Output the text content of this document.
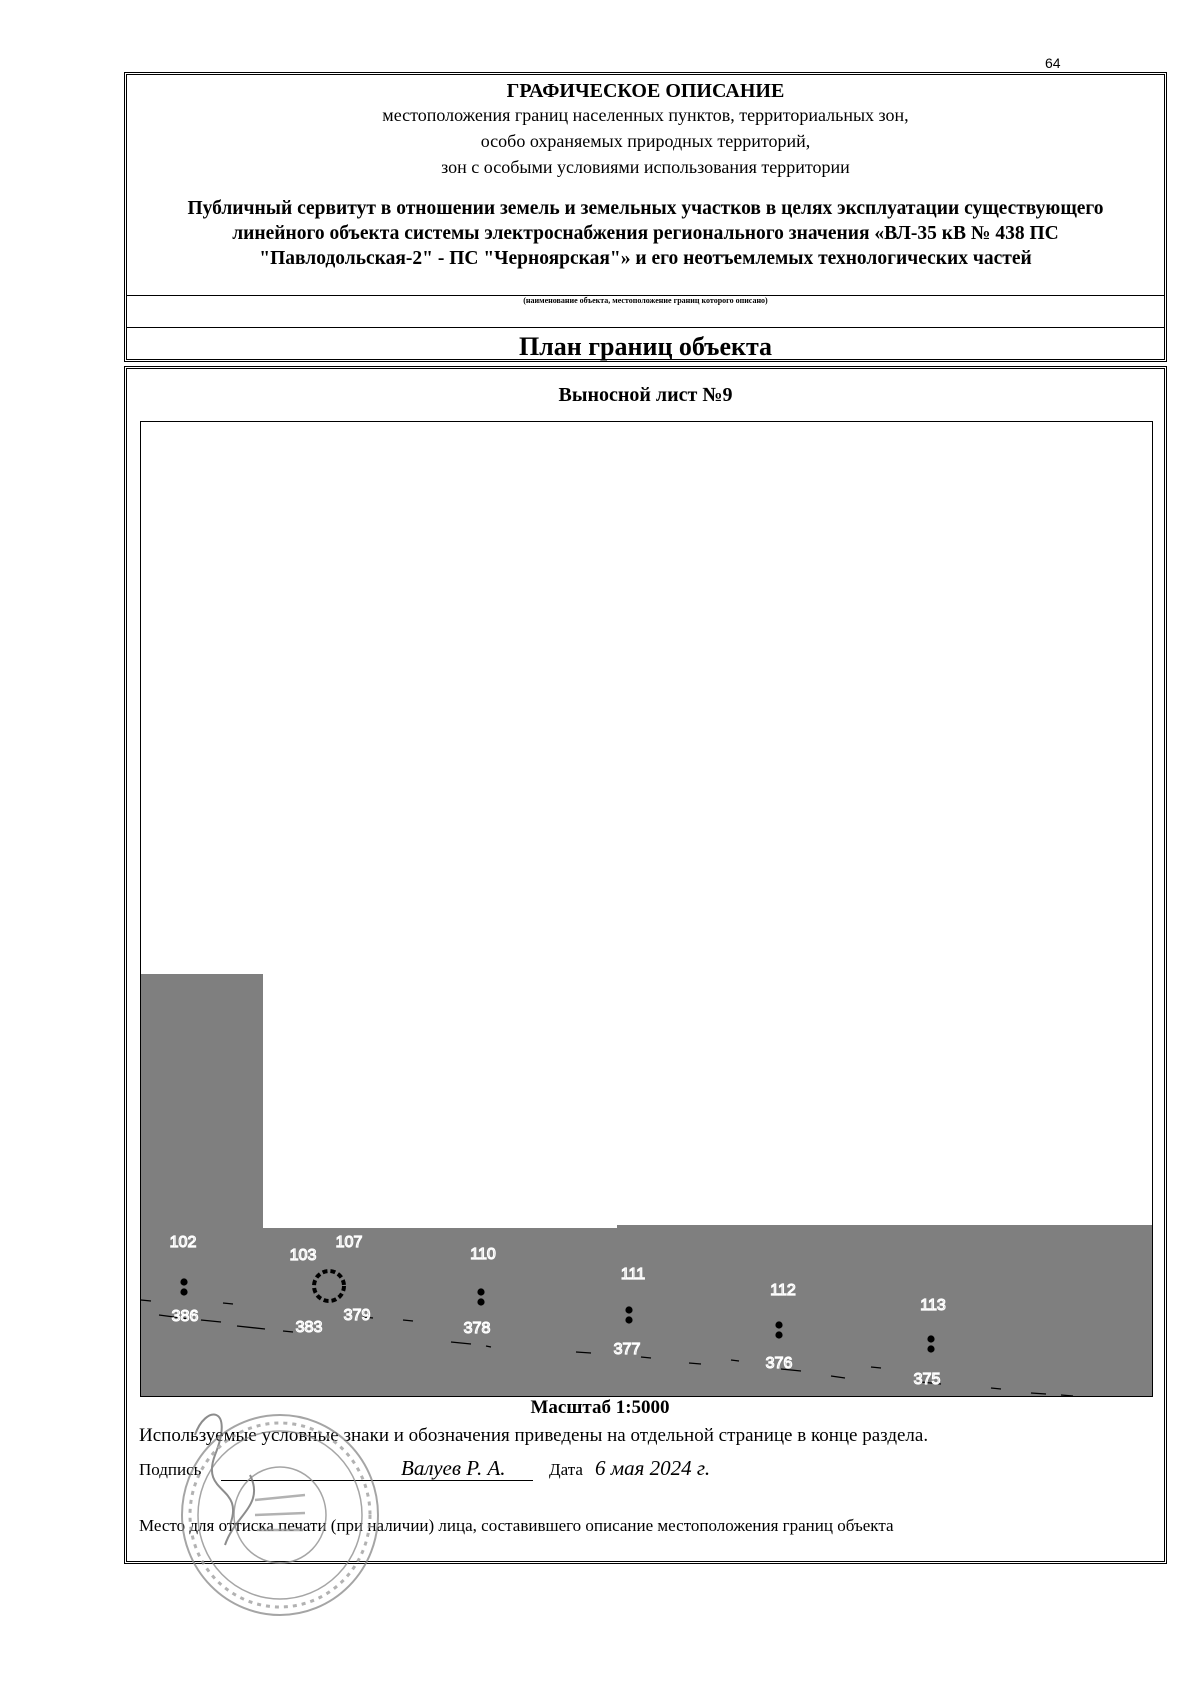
64
ГРАФИЧЕСКОЕ ОПИСАНИЕ
местоположения границ населенных пунктов, территориальных зон,
особо охраняемых природных территорий,
зон с особыми условиями использования территории
Публичный сервитут в отношении земель и земельных участков в целях эксплуатации существующего линейного объекта системы электроснабжения регионального значения «ВЛ-35 кВ № 438 ПС "Павлодольская-2" - ПС "Черноярская"» и его неотъемлемых технологических частей
(наименование объекта, местоположение границ которого описано)
План границ объекта
Выносной лист №9
102
386
103
383
107
379
110
378
111
377
112
376
113
375
Масштаб 1:5000
Используемые условные знаки и обозначения приведены на отдельной странице в конце раздела.
Подпись	Валуев Р. А.	Дата 6 мая 2024 г.
Место для оттиска печати (при наличии) лица, составившего описание местоположения границ объекта
